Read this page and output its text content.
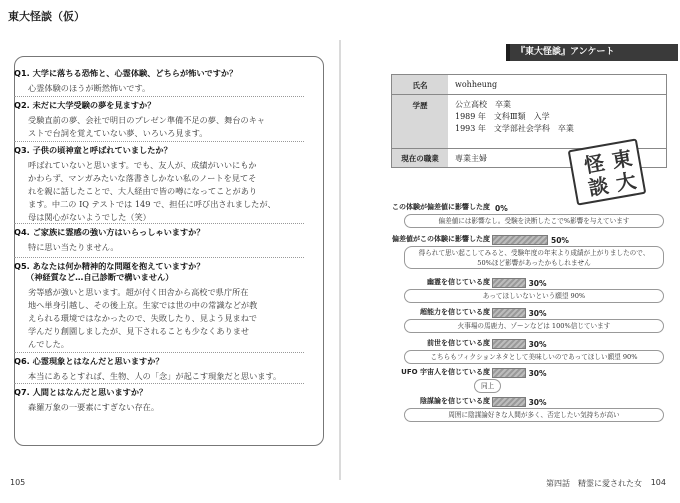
東大怪談（仮）
Q1. 大学に落ちる恐怖と、心霊体験、どちらが怖いですか？
心霊体験のほうが断然怖いです。
Q2. 未だに大学受験の夢を見ますか？
受験直前の夢、会社で明日のプレゼン準備不足の夢、舞台のキャ
ストで台詞を覚えていない夢、いろいろ見ます。
Q3. 子供の頃神童と呼ばれていましたか？
呼ばれていないと思います。でも、友人が、成績がいいにもか
かわらず、マンガみたいな落書きしかない私のノートを見てそ
れを親に話したことで、大人経由で皆の噂になってことがあり
ます。中二の IQ テストでは 149 で、担任に呼び出されましたが、
母は関心がないようでした（笑）
Q4. ご家族に霊感の強い方はいらっしゃいますか？
特に思い当たりません。
Q5. あなたは何か精神的な問題を抱えていますか？
（神経質など…自己診断で構いません）
劣等感が強いと思います。超が付く田舎から高校で県庁所在
地へ単身引越し、その後上京。生家では世の中の常識などが教
えられる環境ではなかったので、失敗したり、見よう見まねで
学んだり創園しましたが、見下されることも少なくありませ
んでした。
Q6. 心霊現象とはなんだと思いますか？
本当にあるとすれば、生物、人の「念」が起こす現象だと思います。
Q7. 人間とはなんだと思いますか？
森羅万象の一要素にすぎない存在。
105
『東大怪談』アンケート
氏名	wohheung
学歴	公立高校　卒業
1989 年　文科Ⅲ類　入学
1993 年　文学部社会学科　卒業
現在の職業	専業主婦	東
大
怪
談
この体験が偏差値に影響した度 0%
偏差値には影響なし。受験を決断したこで%影響を与えています
偏差値がこの体験に影響した度	50%
得られて思い起こしてみると、受験年度の年末より成績が上がりましたので、
50%ほど影響があったかもしれません
幽霊を信じている度	30%
あってほしいないという願望 90%
超能力を信じている度	30%
火事場の馬鹿力、ゾーンなどは 100%信じています
前世を信じている度	30%
こちらもフィクションネタとして美味しいのであってほしい願望 90%
UFO 宇宙人を信じている度	30%
同上
陰謀論を信じている度	30%
周囲に陰謀論好きな人間が多く、否定したい気持ちが高い
第四話　精霊に愛された女 104
